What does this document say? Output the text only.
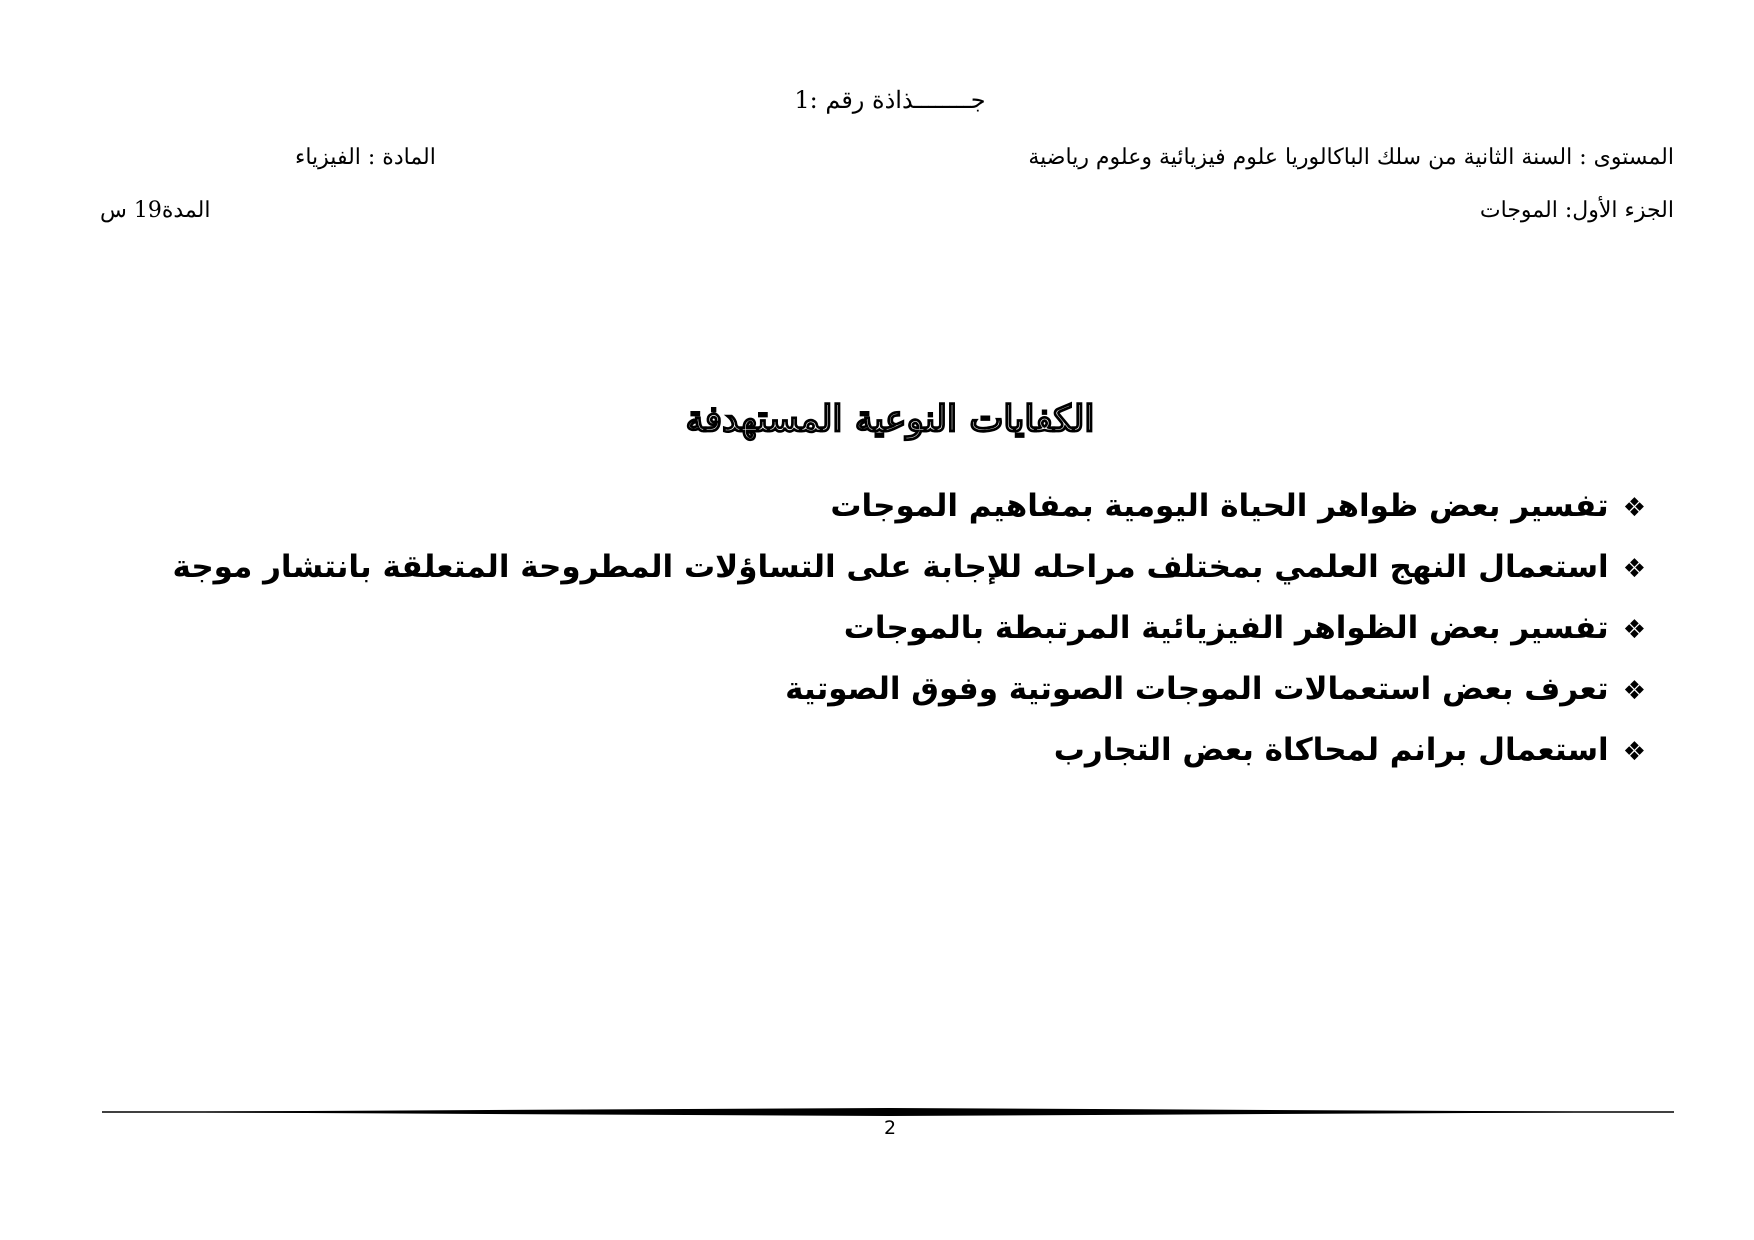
جــــــــذاذة رقم :1
المستوى : السنة الثانية من سلك الباكالوريا علوم فيزيائية وعلوم رياضية
المادة : الفيزياء
الجزء الأول: الموجات
المدة19 س
الكفايات النوعية المستهدفة
❖تفسير بعض ظواهر الحياة اليومية بمفاهيم الموجات
❖استعمال النهج العلمي بمختلف مراحله للإجابة على التساؤلات المطروحة المتعلقة بانتشار موجة
❖تفسير بعض الظواهر الفيزيائية المرتبطة بالموجات
❖تعرف بعض استعمالات الموجات الصوتية وفوق الصوتية
❖استعمال برانم لمحاكاة بعض التجارب
2
